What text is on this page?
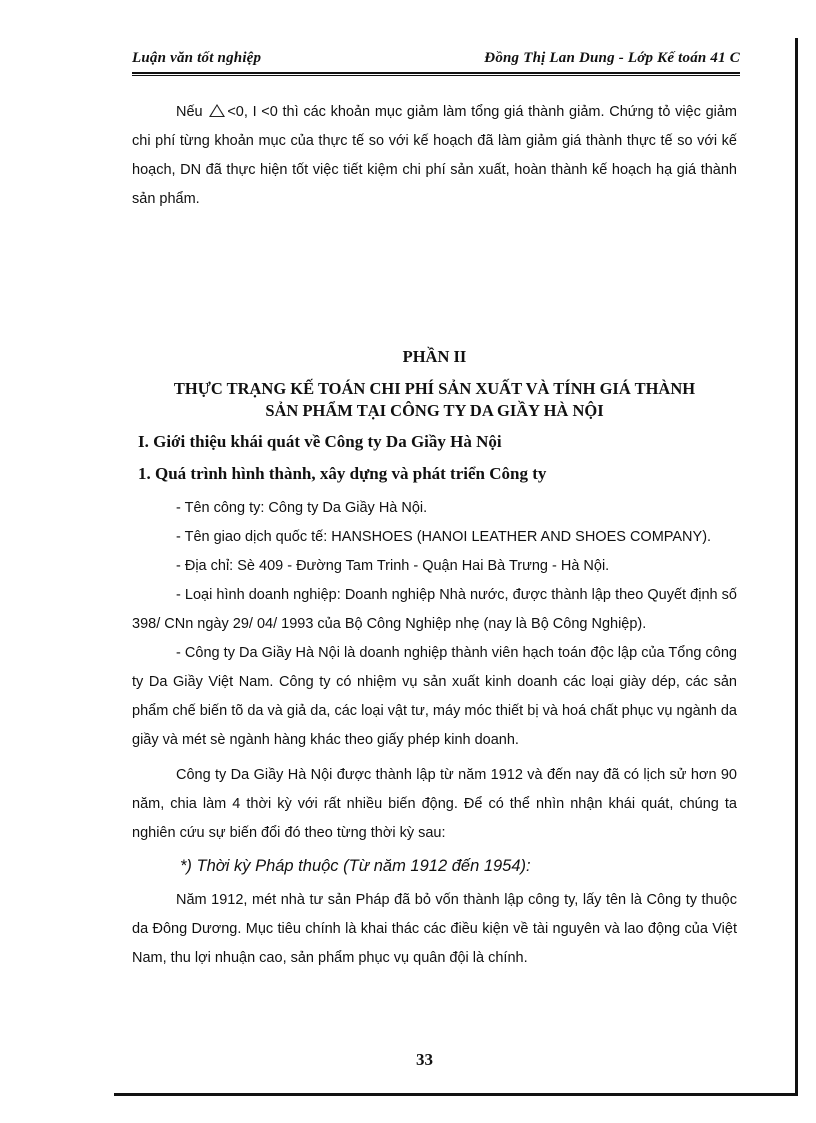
Luận văn tốt nghiệp	Đồng Thị Lan Dung - Lớp Kế toán 41 C

Nếu <0, I <0 thì các khoản mục giảm làm tổng giá thành giảm. Chứng tỏ việc giảm chi phí từng khoản mục của thực tế so với kế hoạch đã làm giảm giá thành thực tế so với kế hoạch, DN đã thực hiện tốt việc tiết kiệm chi phí sản xuất, hoàn thành kế hoạch hạ giá thành sản phẩm.

PHẦN II

THỰC TRẠNG KẾ TOÁN CHI PHÍ SẢN XUẤT VÀ TÍNH GIÁ THÀNH

SẢN PHẨM TẠI CÔNG TY DA GIẦY HÀ NỘI

I. Giới thiệu khái quát về Công ty Da Giầy Hà Nội

1. Quá trình hình thành, xây dựng và phát triển Công ty

- Tên công ty: Công ty Da Giầy Hà Nội.

- Tên giao dịch quốc tế: HANSHOES (HANOI LEATHER AND SHOES COMPANY).

- Địa chỉ: Sè 409 - Đường Tam Trinh - Quận Hai Bà Trưng - Hà Nội.

- Loại hình doanh nghiệp: Doanh nghiệp Nhà nước, được thành lập theo Quyết định số 398/ CNn ngày 29/ 04/ 1993 của Bộ Công Nghiệp nhẹ (nay là Bộ Công Nghiệp).

- Công ty Da Giầy Hà Nội là doanh nghiệp thành viên hạch toán độc lập của Tổng công ty Da Giầy Việt Nam. Công ty có nhiệm vụ sản xuất kinh doanh các loại giày dép, các sản phẩm chế biến tõ da và giả da, các loại vật tư, máy móc thiết bị và hoá chất phục vụ ngành da giầy và mét sè ngành hàng khác theo giấy phép kinh doanh.

Công ty Da Giầy Hà Nội được thành lập từ năm 1912 và đến nay đã có lịch sử hơn 90 năm, chia làm 4 thời kỳ với rất nhiều biến động. Để có thể nhìn nhận khái quát, chúng ta nghiên cứu sự biến đổi đó theo từng thời kỳ sau:

*) Thời kỳ Pháp thuộc (Từ năm 1912 đến 1954):

Năm 1912, mét nhà tư sản Pháp đã bỏ vốn thành lập công ty, lấy tên là Công ty thuộc da Đông Dương. Mục tiêu chính là khai thác các điều kiện về tài nguyên và lao động của Việt Nam, thu lợi nhuận cao, sản phẩm phục vụ quân đội là chính.

33
